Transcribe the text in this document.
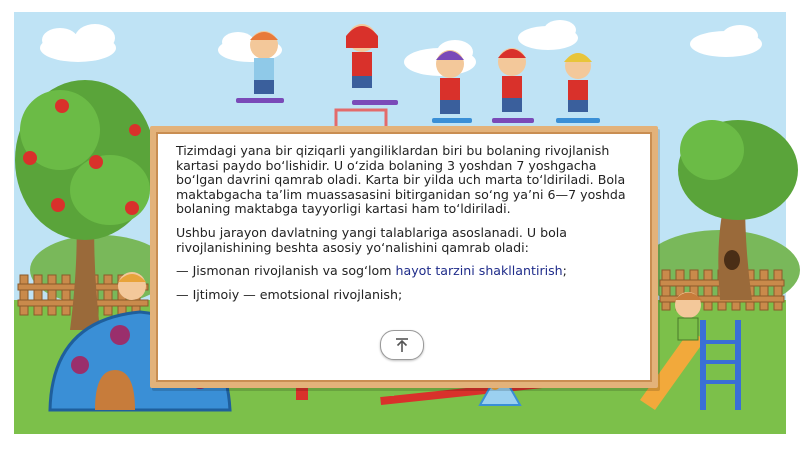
Tizimdagi yana bir qiziqarli yangiliklardan biri bu bolaning rivojlanish kartasi paydo bo‘lishidir. U o‘zida bolaning 3 yoshdan 7 yoshgacha bo‘lgan davrini qamrab oladi. Karta bir yilda uch marta to‘ldiriladi. Bola maktabgacha ta’lim muassasasini bitirganidan so‘ng ya’ni 6—7 yoshda bolaning maktabga tayyorligi kartasi ham to‘ldiriladi.

Ushbu jarayon davlatning yangi talablariga asoslanadi. U bola rivojlanishining beshta asosiy yo‘nalishini qamrab oladi:

— Jismonan rivojlanish va sog‘lom hayot tarzini shakllantirish;

— Ijtimoiy — emotsional rivojlanish;
